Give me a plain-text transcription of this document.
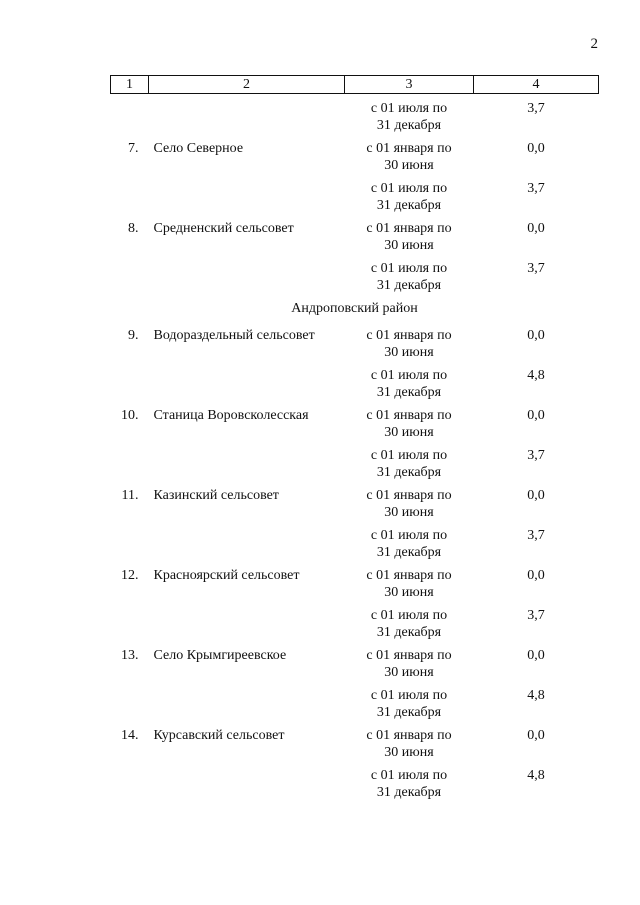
2
1	2	3	4

		с 01 июля по
31 декабря	3,7
7.	Село Северное	с 01 января по
30 июня	0,0

		с 01 июля по
31 декабря	3,7
8.	Средненский сельсовет	с 01 января по
30 июня	0,0

		с 01 июля по
31 декабря	3,7
Андроповский район			
9.	Водораздельный сельсовет	с 01 января по
30 июня	0,0

		с 01 июля по
31 декабря	4,8
10.	Станица Воровсколесская	с 01 января по
30 июня	0,0

		с 01 июля по
31 декабря	3,7
11.	Казинский сельсовет	с 01 января по
30 июня	0,0

		с 01 июля по
31 декабря	3,7
12.	Красноярский сельсовет	с 01 января по
30 июня	0,0

		с 01 июля по
31 декабря	3,7
13.	Село Крымгиреевское	с 01 января по
30 июня	0,0

		с 01 июля по
31 декабря	4,8
14.	Курсавский сельсовет	с 01 января по
30 июня	0,0

		с 01 июля по
31 декабря	4,8
